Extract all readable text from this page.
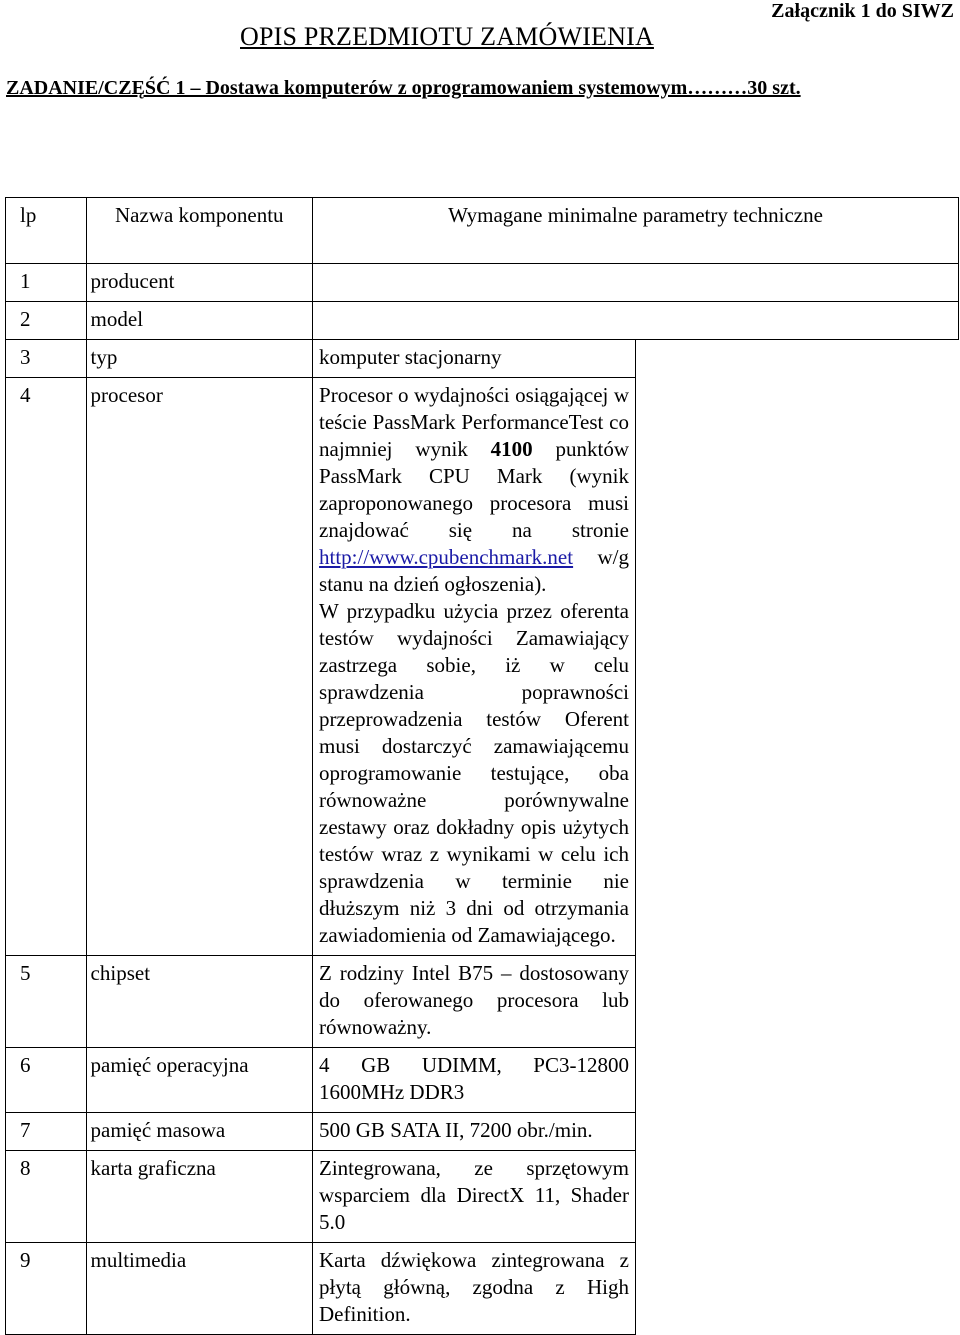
Załącznik 1 do SIWZ
OPIS PRZEDMIOTU ZAMÓWIENIA
ZADANIE/CZĘŚĆ 1 – Dostawa komputerów z oprogramowaniem systemowym………30 szt.
lp	Nazwa komponentu	Wymagane minimalne parametry techniczne	
1	producent		
2	model		
3	typ	komputer stacjonarny	
4	procesor	Procesor o wydajności osiągającej w teście PassMark PerformanceTest co najmniej wynik 4100 punktów PassMark CPU Mark (wynik zaproponowanego procesora musi znajdować się na stronie http://www.cpubenchmark.net w/g stanu na dzień ogłoszenia).

W przypadku użycia przez oferenta testów wydajności Zamawiający zastrzega sobie, iż w celu sprawdzenia poprawności przeprowadzenia testów Oferent musi dostarczyć zamawiającemu oprogramowanie testujące, oba równoważne porównywalne zestawy oraz dokładny opis użytych testów wraz z wynikami w celu ich sprawdzenia w terminie nie dłuższym niż 3 dni od otrzymania zawiadomienia od Zamawiającego.	

5	chipset	Z rodziny Intel B75 – dostosowany do oferowanego procesora lub równoważny.	
6	pamięć operacyjna	4 GB UDIMM, PC3-12800 1600MHz DDR3	
7	pamięć masowa	500 GB SATA II, 7200 obr./min.	
8	karta graficzna	Zintegrowana, ze sprzętowym wsparciem dla DirectX 11, Shader 5.0	
9	multimedia	Karta dźwiękowa zintegrowana z płytą główną, zgodna z High Definition.	
